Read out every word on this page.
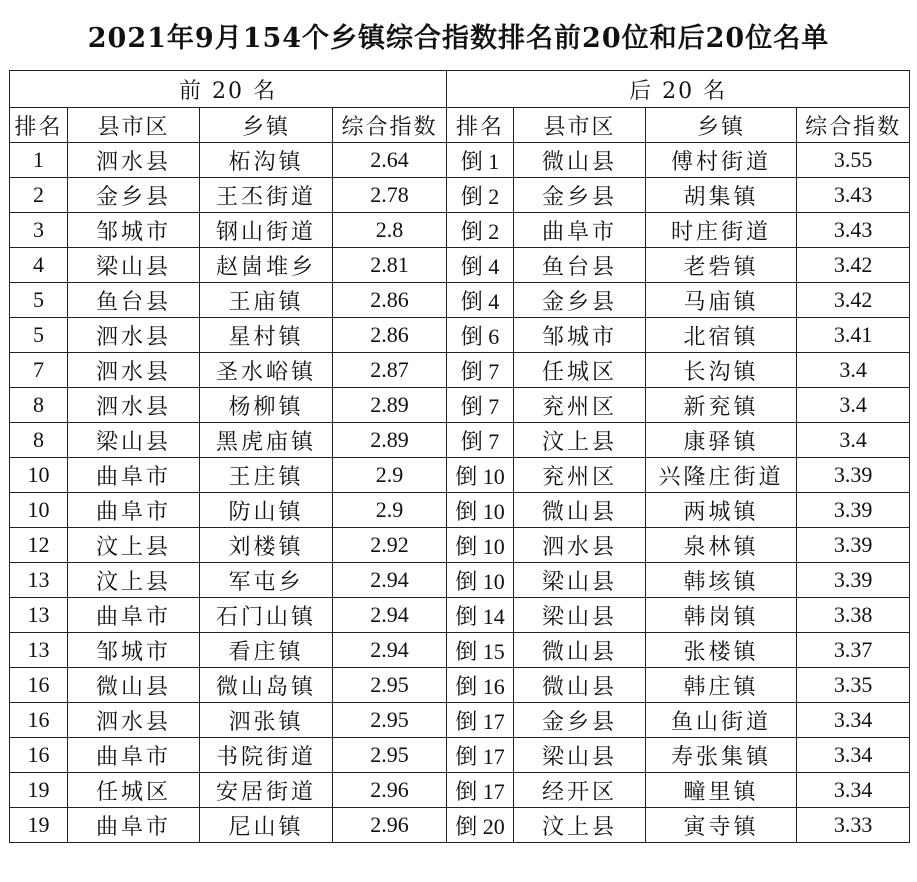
2021年9月154个乡镇综合指数排名前20位和后20位名单
前 20 名				后 20 名			
排名	县市区	乡镇	综合指数	排名	县市区	乡镇	综合指数
1	泗水县	柘沟镇	2.64	倒 1	微山县	傅村街道	3.55
2	金乡县	王丕街道	2.78	倒 2	金乡县	胡集镇	3.43
3	邹城市	钢山街道	2.8	倒 2	曲阜市	时庄街道	3.43
4	梁山县	赵崮堆乡	2.81	倒 4	鱼台县	老砦镇	3.42
5	鱼台县	王庙镇	2.86	倒 4	金乡县	马庙镇	3.42
5	泗水县	星村镇	2.86	倒 6	邹城市	北宿镇	3.41
7	泗水县	圣水峪镇	2.87	倒 7	任城区	长沟镇	3.4
8	泗水县	杨柳镇	2.89	倒 7	兖州区	新兖镇	3.4
8	梁山县	黑虎庙镇	2.89	倒 7	汶上县	康驿镇	3.4
10	曲阜市	王庄镇	2.9	倒 10	兖州区	兴隆庄街道	3.39
10	曲阜市	防山镇	2.9	倒 10	微山县	两城镇	3.39
12	汶上县	刘楼镇	2.92	倒 10	泗水县	泉林镇	3.39
13	汶上县	军屯乡	2.94	倒 10	梁山县	韩垓镇	3.39
13	曲阜市	石门山镇	2.94	倒 14	梁山县	韩岗镇	3.38
13	邹城市	看庄镇	2.94	倒 15	微山县	张楼镇	3.37
16	微山县	微山岛镇	2.95	倒 16	微山县	韩庄镇	3.35
16	泗水县	泗张镇	2.95	倒 17	金乡县	鱼山街道	3.34
16	曲阜市	书院街道	2.95	倒 17	梁山县	寿张集镇	3.34
19	任城区	安居街道	2.96	倒 17	经开区	疃里镇	3.34
19	曲阜市	尼山镇	2.96	倒 20	汶上县	寅寺镇	3.33
